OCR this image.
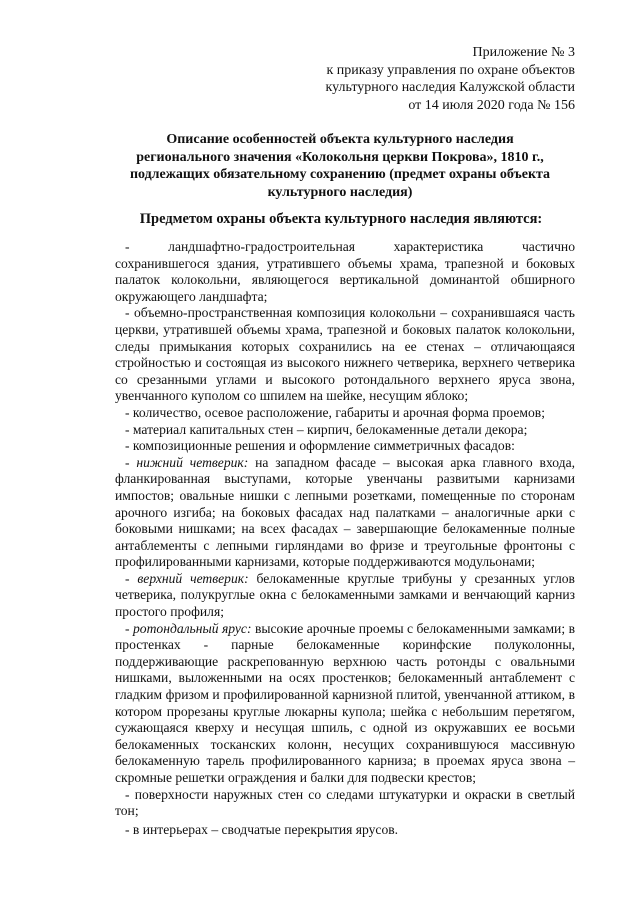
Приложение № 3
к приказу управления по охране объектов
культурного наследия Калужской области
от 14 июля 2020 года № 156
Описание особенностей объекта культурного наследия
регионального значения «Колокольня церкви Покрова», 1810 г.,
подлежащих обязательному сохранению (предмет охраны объекта
культурного наследия)
Предметом охраны объекта культурного наследия являются:

-       ландшафтно-градостроительная       характеристика       частично сохранившегося здания, утратившего объемы храма, трапезной и боковых палаток колокольни, являющегося вертикальной доминантой обширного окружающего ландшафта;

- объемно-пространственная композиция колокольни – сохранившаяся часть церкви, утратившей объемы храма, трапезной и боковых палаток колокольни, следы примыкания которых сохранились на ее стенах – отличающаяся стройностью и состоящая из высокого нижнего четверика, верхнего четверика со срезанными углами и высокого ротондального верхнего яруса звона, увенчанного куполом со шпилем на шейке, несущим яблоко;

- количество, осевое расположение, габариты и арочная форма проемов;

- материал капитальных стен – кирпич, белокаменные детали декора;

- композиционные решения и оформление симметричных фасадов:

- нижний четверик: на западном фасаде – высокая арка главного входа, фланкированная выступами, которые увенчаны развитыми карнизами импостов; овальные нишки с лепными розетками, помещенные по сторонам арочного изгиба; на боковых фасадах над палатками – аналогичные арки с боковыми нишками; на всех фасадах – завершающие белокаменные полные антаблементы с лепными гирляндами во фризе и треугольные фронтоны с профилированными карнизами, которые поддерживаются модульонами;

- верхний четверик: белокаменные круглые трибуны у срезанных углов четверика, полукруглые окна с белокаменными замками и венчающий карниз простого профиля;

- ротондальный ярус: высокие арочные проемы с белокаменными замками; в простенках - парные белокаменные коринфские полуколонны, поддерживающие раскрепованную верхнюю часть ротонды с овальными нишками, выложенными на осях простенков; белокаменный антаблемент с гладким фризом и профилированной карнизной плитой, увенчанной аттиком, в котором прорезаны круглые люкарны купола; шейка с небольшим перетягом, сужающаяся кверху и несущая шпиль, с одной из окружавших ее восьми белокаменных тосканских колонн, несущих сохранившуюся массивную белокаменную тарель профилированного карниза; в проемах яруса звона – скромные решетки ограждения и балки для подвески крестов;

- поверхности наружных стен со следами штукатурки и окраски в светлый тон;

- в интерьерах – сводчатые перекрытия ярусов.
